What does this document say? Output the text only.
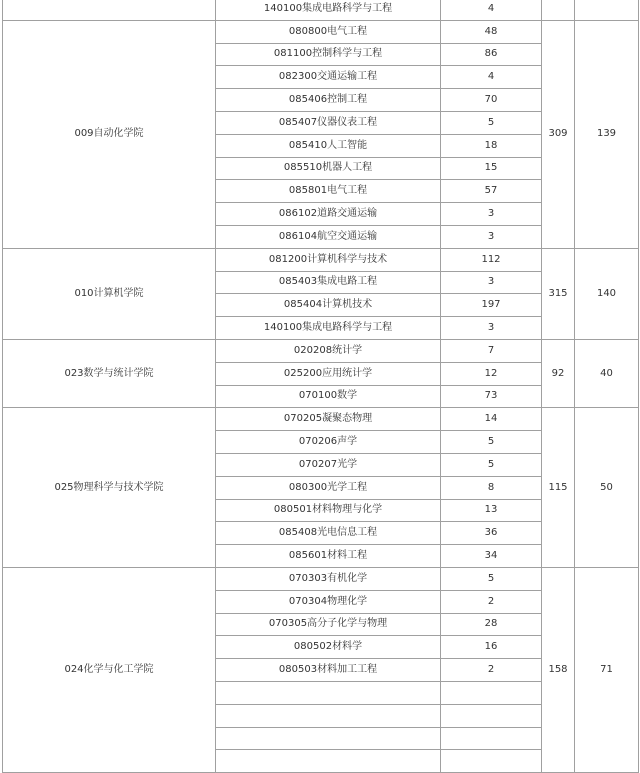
	140100集成电路科学与工程	4		
009自动化学院	080800电气工程	48	309	139
	081100控制科学与工程	86		
	082300交通运输工程	4		
	085406控制工程	70		
	085407仪器仪表工程	5		
	085410人工智能	18		
	085510机器人工程	15		
	085801电气工程	57		
	086102道路交通运输	3		
	086104航空交通运输	3		
010计算机学院	081200计算机科学与技术	112	315	140
	085403集成电路工程	3		
	085404计算机技术	197		
	140100集成电路科学与工程	3		
023数学与统计学院	020208统计学	7	92	40
	025200应用统计学	12		
	070100数学	73		
025物理科学与技术学院	070205凝聚态物理	14	115	50
	070206声学	5		
	070207光学	5		
	080300光学工程	8		
	080501材料物理与化学	13		
	085408光电信息工程	36		
	085601材料工程	34		
024化学与化工学院	070303有机化学	5	158	71
	070304物理化学	2		
	070305高分子化学与物理	28		
	080502材料学	16		
	080503材料加工工程	2		
